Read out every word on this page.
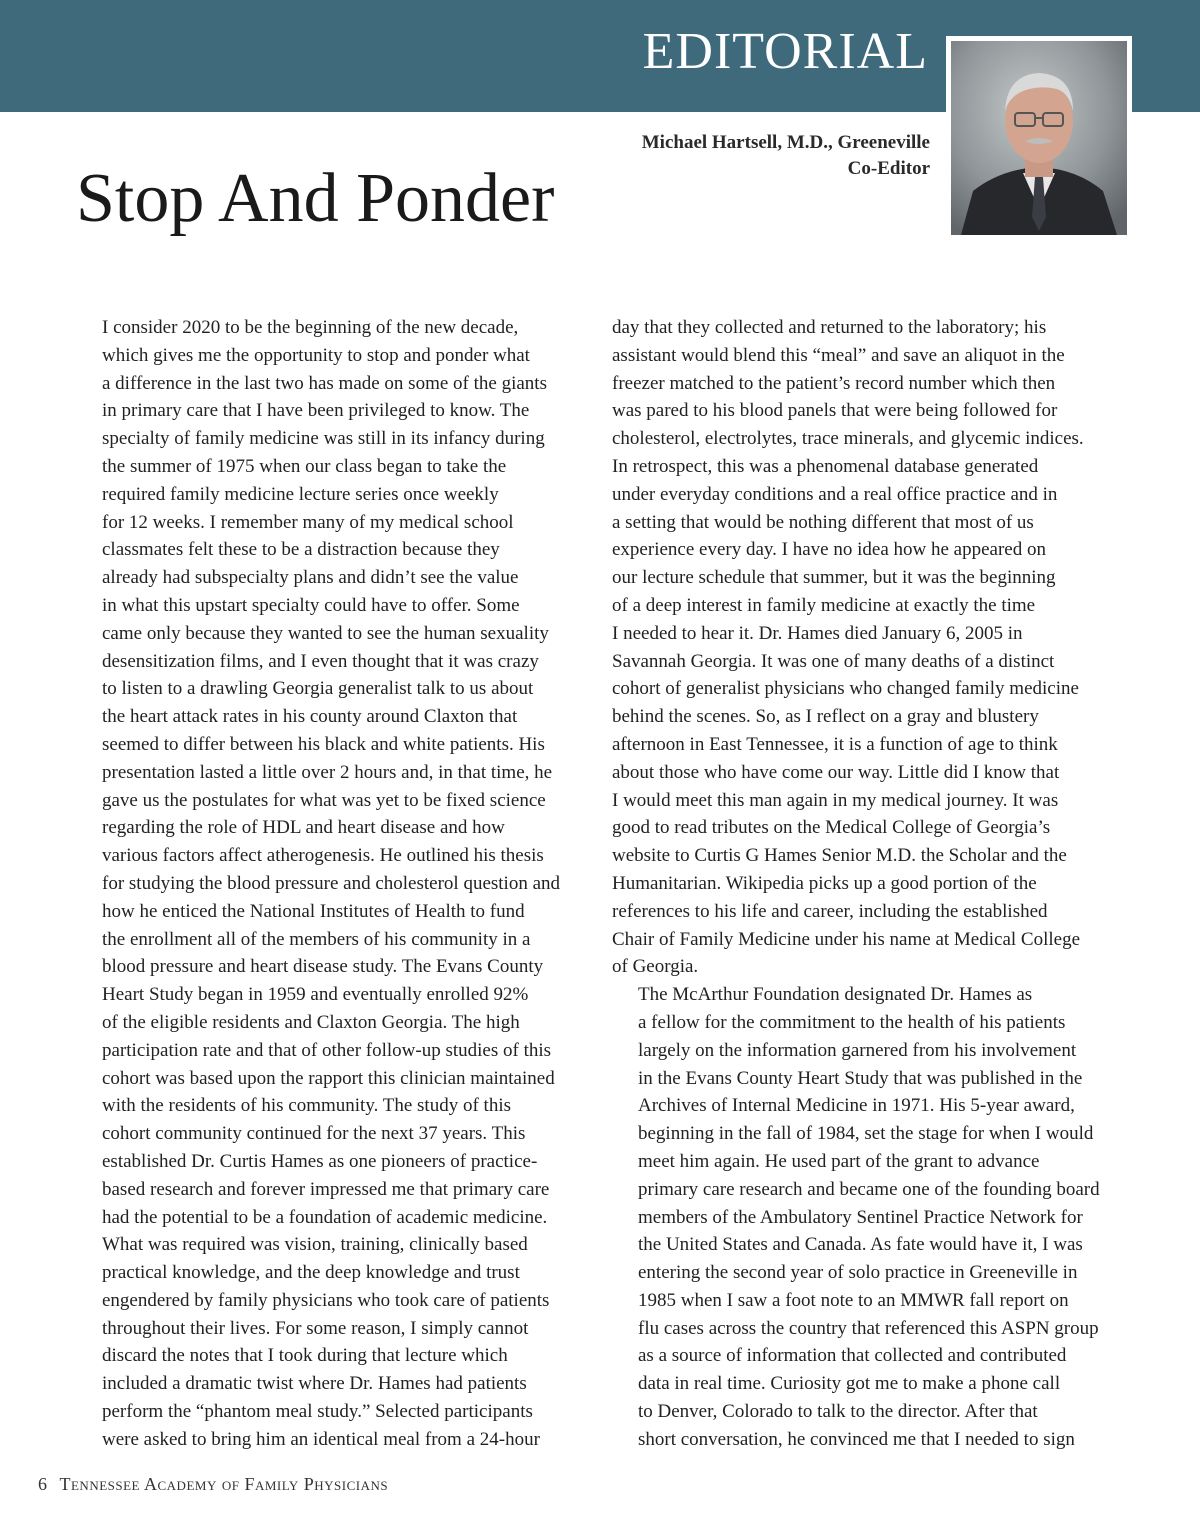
EDITORIAL
Michael Hartsell, M.D., Greeneville
Co-Editor
Stop And Ponder

I consider 2020 to be the beginning of the new decade,
which gives me the opportunity to stop and ponder what
a difference in the last two has made on some of the giants
in primary care that I have been privileged to know. The
specialty of family medicine was still in its infancy during
the summer of 1975 when our class began to take the
required family medicine lecture series once weekly
for 12 weeks. I remember many of my medical school
classmates felt these to be a distraction because they
already had subspecialty plans and didn’t see the value
in what this upstart specialty could have to offer. Some
came only because they wanted to see the human sexuality
desensitization films, and I even thought that it was crazy
to listen to a drawling Georgia generalist talk to us about
the heart attack rates in his county around Claxton that
seemed to differ between his black and white patients. His
presentation lasted a little over 2 hours and, in that time, he
gave us the postulates for what was yet to be fixed science
regarding the role of HDL and heart disease and how
various factors affect atherogenesis. He outlined his thesis
for studying the blood pressure and cholesterol question and
how he enticed the National Institutes of Health to fund
the enrollment all of the members of his community in a
blood pressure and heart disease study. The Evans County
Heart Study began in 1959 and eventually enrolled 92%
of the eligible residents and Claxton Georgia. The high
participation rate and that of other follow-up studies of this
cohort was based upon the rapport this clinician maintained
with the residents of his community. The study of this
cohort community continued for the next 37 years. This
established Dr. Curtis Hames as one pioneers of practice-
based research and forever impressed me that primary care
had the potential to be a foundation of academic medicine.
What was required was vision, training, clinically based
practical knowledge, and the deep knowledge and trust
engendered by family physicians who took care of patients
throughout their lives. For some reason, I simply cannot
discard the notes that I took during that lecture which
included a dramatic twist where Dr. Hames had patients
perform the “phantom meal study.” Selected participants
were asked to bring him an identical meal from a 24-hour

day that they collected and returned to the laboratory; his
assistant would blend this “meal” and save an aliquot in the
freezer matched to the patient’s record number which then
was pared to his blood panels that were being followed for
cholesterol, electrolytes, trace minerals, and glycemic indices.
In retrospect, this was a phenomenal database generated
under everyday conditions and a real office practice and in
a setting that would be nothing different that most of us
experience every day. I have no idea how he appeared on
our lecture schedule that summer, but it was the beginning
of a deep interest in family medicine at exactly the time
I needed to hear it. Dr. Hames died January 6, 2005 in
Savannah Georgia. It was one of many deaths of a distinct
cohort of generalist physicians who changed family medicine
behind the scenes. So, as I reflect on a gray and blustery
afternoon in East Tennessee, it is a function of age to think
about those who have come our way. Little did I know that
I would meet this man again in my medical journey. It was
good to read tributes on the Medical College of Georgia’s
website to Curtis G Hames Senior M.D. the Scholar and the
Humanitarian. Wikipedia picks up a good portion of the
references to his life and career, including the established
Chair of Family Medicine under his name at Medical College
of Georgia.

The McArthur Foundation designated Dr. Hames as
a fellow for the commitment to the health of his patients
largely on the information garnered from his involvement
in the Evans County Heart Study that was published in the
Archives of Internal Medicine in 1971. His 5-year award,
beginning in the fall of 1984, set the stage for when I would
meet him again. He used part of the grant to advance
primary care research and became one of the founding board
members of the Ambulatory Sentinel Practice Network for
the United States and Canada. As fate would have it, I was
entering the second year of solo practice in Greeneville in
1985 when I saw a foot note to an MMWR fall report on
flu cases across the country that referenced this ASPN group
as a source of information that collected and contributed
data in real time. Curiosity got me to make a phone call
to Denver, Colorado to talk to the director. After that
short conversation, he convinced me that I needed to sign

6 Tennessee Academy of Family Physicians
